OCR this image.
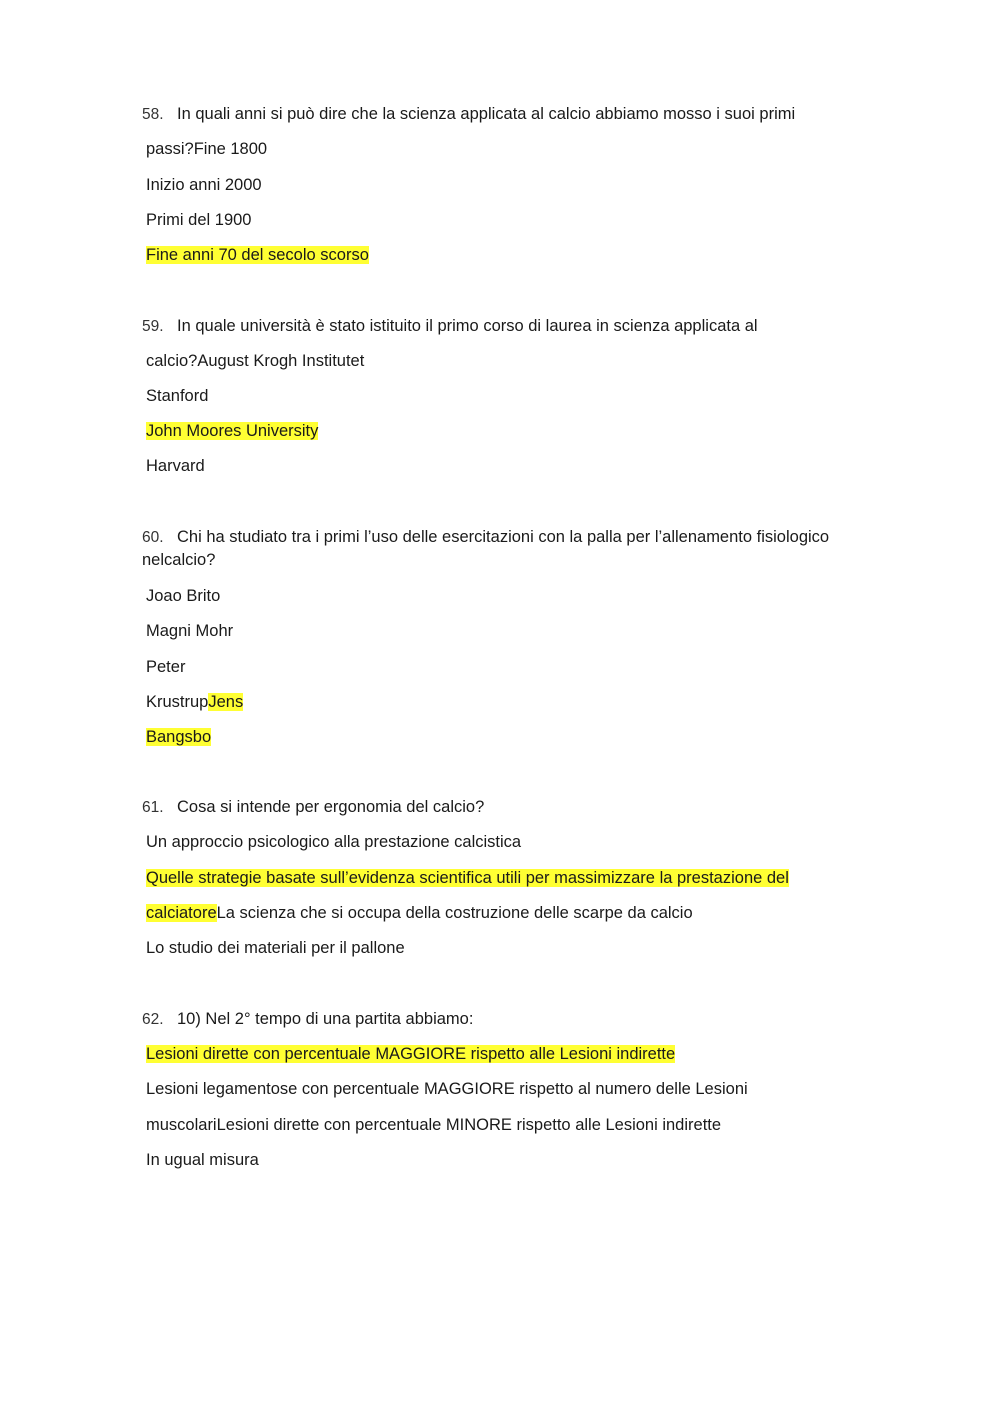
58. In quali anni si può dire che la scienza applicata al calcio abbiamo mosso i suoi primi
passi?Fine 1800
Inizio anni 2000
Primi del 1900
Fine anni 70 del secolo scorso
59. In quale università è stato istituito il primo corso di laurea in scienza applicata al
calcio?August Krogh Institutet
Stanford
John Moores University
Harvard
60. Chi ha studiato tra i primi l’uso delle esercitazioni con la palla per l’allenamento fisiologico
nelcalcio?
Joao Brito
Magni Mohr
Peter
KrustrupJens
Bangsbo
61. Cosa si intende per ergonomia del calcio?
Un approccio psicologico alla prestazione calcistica
Quelle strategie basate sull’evidenza scientifica utili per massimizzare la prestazione del
calciatoreLa scienza che si occupa della costruzione delle scarpe da calcio
Lo studio dei materiali per il pallone
62. 10) Nel 2° tempo di una partita abbiamo:
Lesioni dirette con percentuale MAGGIORE rispetto alle Lesioni indirette
Lesioni legamentose con percentuale MAGGIORE rispetto al numero delle Lesioni
muscolariLesioni dirette con percentuale MINORE rispetto alle Lesioni indirette
In ugual misura
